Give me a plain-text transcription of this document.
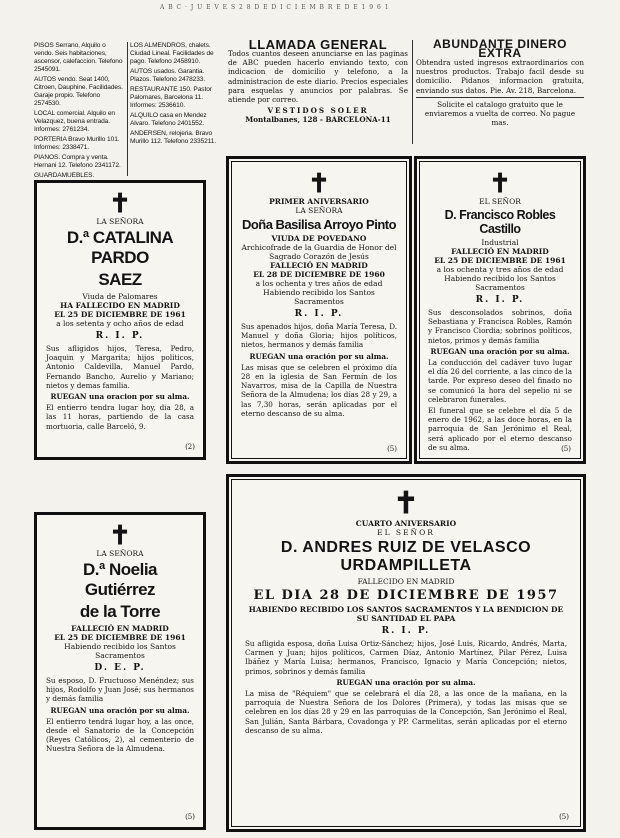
A B C · J U E V E S 2 8 D E D I C I E M B R E D E 1 9 6 1

PISOS Serrano, Alquilo o vendo. Seis habitaciones, ascensor, calefaccion. Telefono 2545091.

AUTOS vendo. Seat 1400, Citroen, Dauphine. Facilidades. Garaje propio. Telefono 2574530.

LOCAL comercial. Alquilo en Velazquez, buena entrada. Informes: 2761234.

PORTERIA Bravo Murillo 101. Informes: 2338471.

PIANOS. Compra y venta. Hernani 12. Telefono 2341172.

GUARDAMUEBLES.

LOS ALMENDROS, chalets. Ciudad Lineal. Facilidades de pago. Telefono 2458910.

AUTOS usados. Garantia. Plazos. Telefono 2478233.

RESTAURANTE 150. Pastor Palomares, Barcelona 11. Informes: 2536610.

ALQUILO casa en Mendez Alvaro. Telefono 2401552.

ANDERSEN, relojeria. Bravo Murillo 112. Telefono 2335211.

LLAMADA GENERAL
Todos cuantos deseen anunciarse en las paginas de ABC pueden hacerlo enviando texto, con indicacion de domicilio y telefono, a la administracion de este diario. Precios especiales para esquelas y anuncios por palabras. Se atiende por correo.
VESTIDOS SOLER
Montalbanes, 128 - BARCELONA-11
ABUNDANTE DINERO EXTRA
Obtendra usted ingresos extraordinarios con nuestros productos. Trabajo facil desde su domicilio. Pidanos informacion gratuita, enviando sus datos. Pie. Av. 218, Barcelona.
Solicite el catalogo gratuito que le enviaremos a vuelta de correo. No pague mas.
✝

LA SEÑORA

D.ª CATALINA PARDO
SAEZ

Viuda de Palomares

HA FALLECIDO EN MADRID

EL 25 DE DICIEMBRE DE 1961

a los setenta y ocho años de edad

R. I. P.

Sus afligidos hijos, Teresa, Pedro, Joaquin y Margarita; hijos politicos, Antonio Caldevilla, Manuel Pardo, Fernando Bancho, Aurelio y Mariano; nietos y demas familia.

RUEGAN una oracion por su alma.

El entierro tendra lugar hoy, dia 28, a las 11 horas, partiendo de la casa mortuoria, calle Barceló, 9.

(2)
✝

PRIMER ANIVERSARIO

LA SEÑORA

Doña Basilisa Arroyo Pinto

VIUDA DE POVEDANO

Archicofrade de la Guardia de Honor del Sagrado Corazón de Jesús

FALLECIÓ EN MADRID

EL 28 DE DICIEMBRE DE 1960

a los ochenta y tres años de edad

Habiendo recibido los Santos Sacramentos

R. I. P.

Sus apenados hijos, doña María Teresa, D. Manuel y doña Gloria; hijos políticos, nietos, hermanos y demás familia

RUEGAN una oración por su alma.

Las misas que se celebren el próximo día 28 en la iglesia de San Fermín de los Navarros, misa de la Capilla de Nuestra Señora de la Almudena; los días 28 y 29, a las 7,30 horas, serán aplicadas por el eterno descanso de su alma.

(5)
✝

EL SEÑOR

D. Francisco Robles Castillo

Industrial

FALLECIÓ EN MADRID

EL 25 DE DICIEMBRE DE 1961

a los ochenta y tres años de edad

Habiendo recibido los Santos Sacramentos

R. I. P.

Sus desconsolados sobrinos, doña Sebastiana y Francisca Robles, Ramón y Francisco Ciordia; sobrinos políticos, nietos, primos y demás familia

RUEGAN una oración por su alma.

La conducción del cadáver tuvo lugar el día 26 del corriente, a las cinco de la tarde. Por expreso deseo del finado no se comunicó la hora del sepelio ni se celebraron funerales.

El funeral que se celebre el día 5 de enero de 1962, a las doce horas, en la parroquia de San Jerónimo el Real, será aplicado por el eterno descanso de su alma.	(5)
✝

LA SEÑORA

D.ª Noelia Gutiérrez
de la Torre

FALLECIÓ EN MADRID

EL 25 DE DICIEMBRE DE 1961

Habiendo recibido los Santos Sacramentos

D. E. P.

Su esposo, D. Fructuoso Menéndez; sus hijos, Rodolfo y Juan José; sus hermanos y demás familia

RUEGAN una oración por su alma.

El entierro tendrá lugar hoy, a las once, desde el Sanatorio de la Concepción (Reyes Católicos, 2), al cementerio de Nuestra Señora de la Almudena.

(5)
✝

CUARTO ANIVERSARIO

EL SEÑOR

D. ANDRES RUIZ DE VELASCO URDAMPILLETA

FALLECIDO EN MADRID

EL DIA 28 DE DICIEMBRE DE 1957

HABIENDO RECIBIDO LOS SANTOS SACRAMENTOS Y LA BENDICION DE SU SANTIDAD EL PAPA

R. I. P.

Su afligida esposa, doña Luisa Ortiz-Sánchez; hijos, José Luis, Ricardo, Andrés, Marta, Carmen y Juan; hijos políticos, Carmen Díaz, Antonio Martínez, Pilar Pérez, Luisa Ibáñez y María Luisa; hermanos, Francisco, Ignacio y María Concepción; nietos, primos, sobrinos y demás familia

RUEGAN una oración por su alma.

La misa de "Réquiem" que se celebrará el día 28, a las once de la mañana, en la parroquia de Nuestra Señora de los Dolores (Primera), y todas las misas que se celebren en los días 28 y 29 en las parroquias de la Concepción, San Jerónimo el Real, San Julián, Santa Bárbara, Covadonga y PP. Carmelitas, serán aplicadas por el eterno descanso de su alma.

(5)
